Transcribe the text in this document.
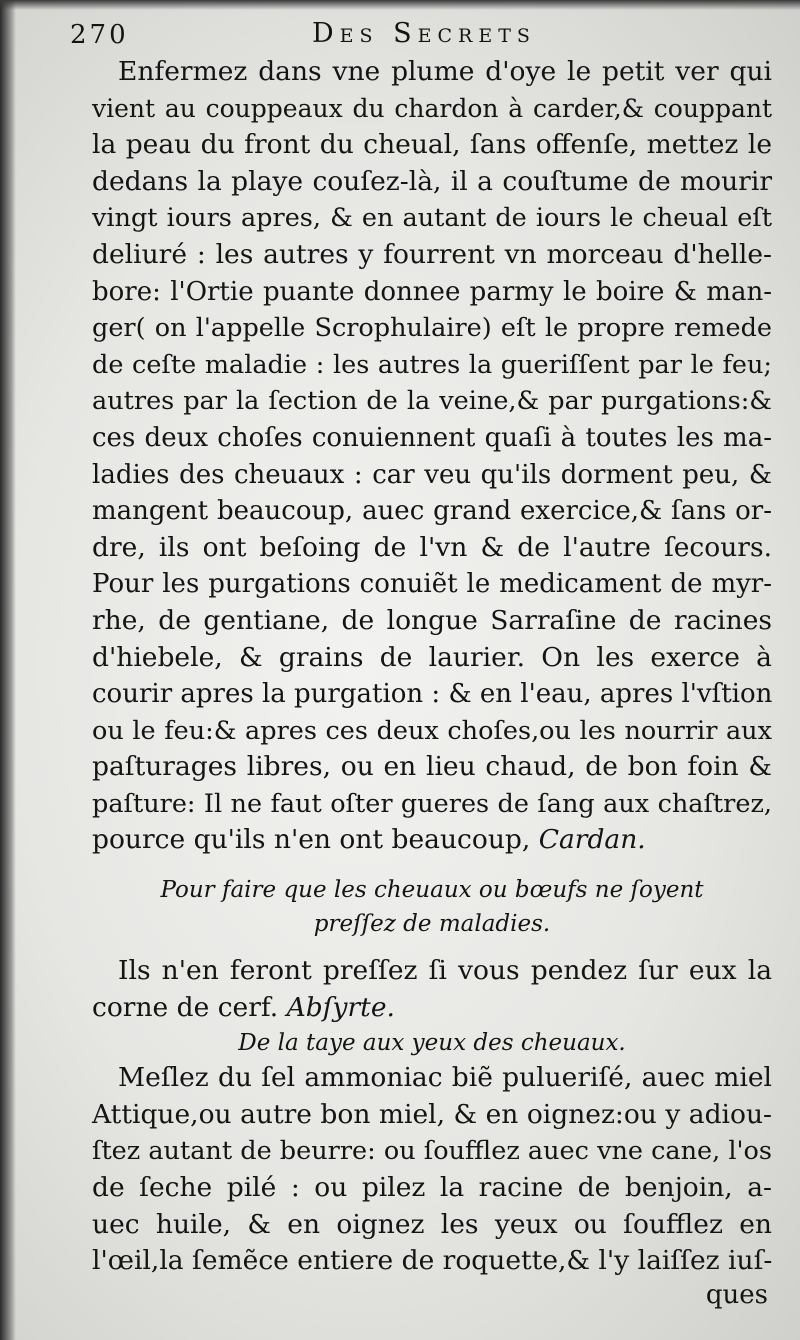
270	Des Secrets
Enfermez dans vne plume d'oye le petit ver qui
vient au couppeaux du chardon à carder,& couppant
la peau du front du cheual, ſans offenſe, mettez le
dedans la playe couſez-là, il a couſtume de mourir
vingt iours apres, & en autant de iours le cheual eſt
deliuré : les autres y fourrent vn morceau d'helle-
bore: l'Ortie puante donnee parmy le boire & man-
ger( on l'appelle Scrophulaire) eſt le propre remede
de ceſte maladie : les autres la gueriſſent par le feu;
autres par la ſection de la veine,& par purgations:&
ces deux choſes conuiennent quaſi à toutes les ma-
ladies des cheuaux : car veu qu'ils dorment peu, &
mangent beaucoup, auec grand exercice,& ſans or-
dre, ils ont beſoing de l'vn & de l'autre ſecours.
Pour les purgations conuiẽt le medicament de myr-
rhe, de gentiane, de longue Sarraſine de racines
d'hiebele, & grains de laurier. On les exerce à
courir apres la purgation : & en l'eau, apres l'vſtion
ou le feu:& apres ces deux choſes,ou les nourrir aux
paſturages libres, ou en lieu chaud, de bon foin &
paſture: Il ne faut oſter gueres de ſang aux chaſtrez,
pource qu'ils n'en ont beaucoup, Cardan.
Pour faire que les cheuaux ou bœufs ne ſoyent
preſſez de maladies.
Ils n'en feront preſſez ſi vous pendez ſur eux la
corne de cerf. Abſyrte.
De la taye aux yeux des cheuaux.
Meſlez du ſel ammoniac biẽ pulueriſé, auec miel
Attique,ou autre bon miel, & en oignez:ou y adiou-
ſtez autant de beurre: ou ſoufflez auec vne cane, l'os
de ſeche pilé : ou pilez la racine de benjoin, a-
uec huile, & en oignez les yeux ou ſoufflez en
l'œil,la ſemẽce entiere de roquette,& l'y laiſſez iuſ-
ques
